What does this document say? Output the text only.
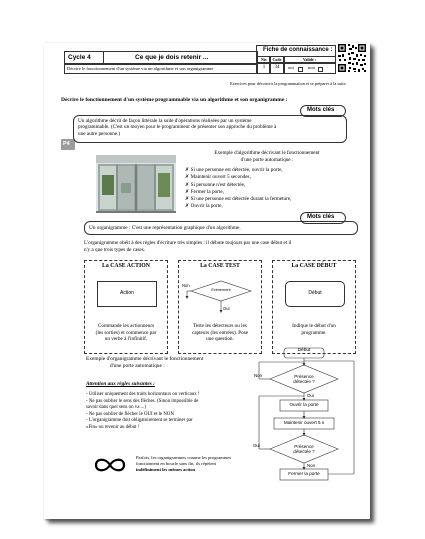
Cycle 4	Ce que je dois retenir ...
Décrire le fonctionnement d'un système via un algorithme et son organigramme
Fiche de connaissance :
Niv	Code	Validé :
1	34	oui	non
Exercices pour découvrir la programmation et se préparer à la suite.
Décrire le fonctionnement d'un système programmable via un algorithme et son organigramme :
Mots clés
P4
Un algorithme décrit de façon littérale la suite d'opérations réalisées par un système
programmable. (C'est un moyen pour le programmeur de présenter son approche du problème à
une autre personne.)
Exemple d'algorithme décrivant le fonctionnement
d'une porte automatique :
✗ Si une personne est détectée, ouvrir la porte,
✗ Maintenir ouvert 5 secondes,
✗ Si personne n'est détectée,
✗ Fermer la porte,
✗ Si une personne est détectée durant la fermeture,
✗ Ouvrir la porte,
Mots clés
Un organigramme : C'est une représentation graphique d'un algorithme.
L'organigramme obéit à des règles d'écriture très simples : il débute toujours par une case début et il
n'y a que trois types de cases.
La CASE ACTION
Action
Commande les actionneurs
(les sorties) et commence par
un verbe à l'infinitif.
La CASE TEST
Evènement
Non
Oui
Teste les détecteurs ou les
capteurs (les entrées). Pose
une question.
La CASE DÉBUT
Début
Indique le début d'un
programme.
Exemple d'organigramme décrivant le fonctionnement
d'une porte automatique :
Attention aux règles suivantes :
- Utiliser uniquement des traits horizontaux ou verticaux !
- Ne pas oublier le sens des flèches. (Sinon impossible de
savoir dans quel sens on va ...)
- Ne pas oublier de flécher le OUI et le NON
- L'organigramme doit obligatoirement se terminer par
«Fin» ou revenir au début !
Début
Présence
détectée ?
Non
Oui
Ouvrir la porte
Maintenir ouvert 5 s
Présence
détectée ?
Oui
Non
Fermer la porte
Parfois, les organigrammes comme les programmes
fonctionnent en boucle sans fin, ils répètent
indéfiniment les mêmes action
